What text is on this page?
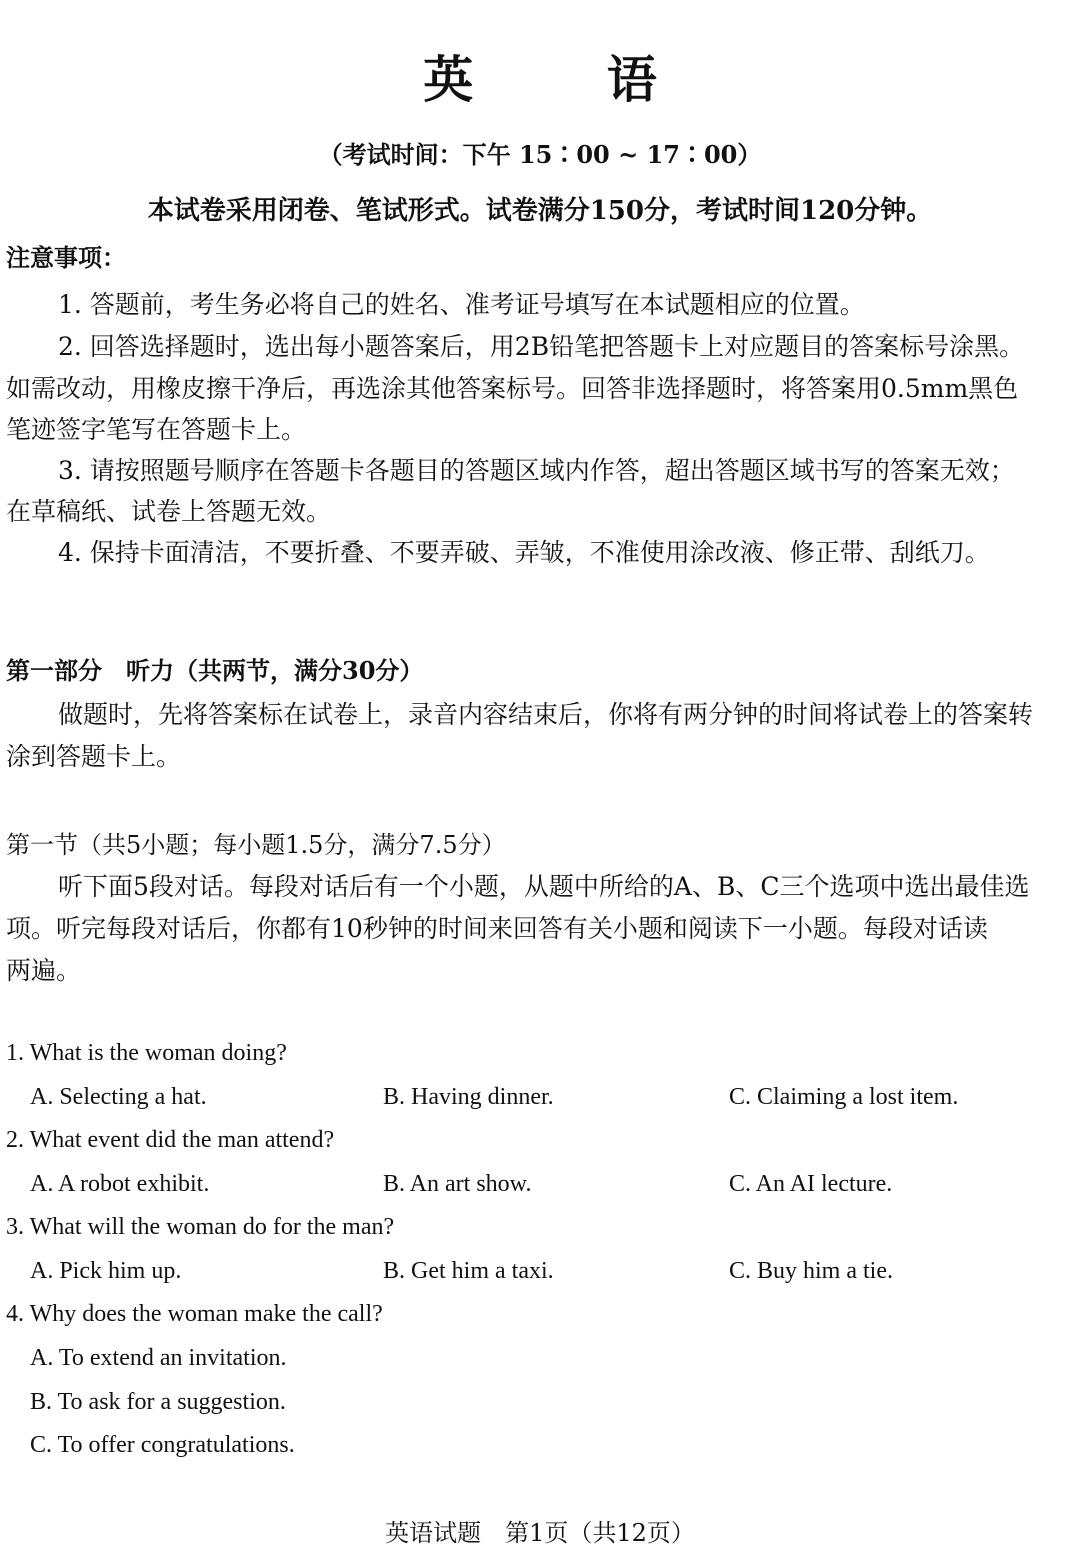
英 语
（考试时间：下午 15∶00 ~ 17∶00）
本试卷采用闭卷、笔试形式。试卷满分150分，考试时间120分钟。
注意事项：
1. 答题前，考生务必将自己的姓名、准考证号填写在本试题相应的位置。
2. 回答选择题时，选出每小题答案后，用2B铅笔把答题卡上对应题目的答案标号涂黑。
如需改动，用橡皮擦干净后，再选涂其他答案标号。回答非选择题时，将答案用0.5mm黑色
笔迹签字笔写在答题卡上。
3. 请按照题号顺序在答题卡各题目的答题区域内作答，超出答题区域书写的答案无效；
在草稿纸、试卷上答题无效。
4. 保持卡面清洁，不要折叠、不要弄破、弄皱，不准使用涂改液、修正带、刮纸刀。
第一部分　听力（共两节，满分30分）
做题时，先将答案标在试卷上，录音内容结束后，你将有两分钟的时间将试卷上的答案转
涂到答题卡上。
第一节（共5小题；每小题1.5分，满分7.5分）
听下面5段对话。每段对话后有一个小题，从题中所给的A、B、C三个选项中选出最佳选
项。听完每段对话后，你都有10秒钟的时间来回答有关小题和阅读下一小题。每段对话读
两遍。
1. What is the woman doing?
A. Selecting a hat.	B. Having dinner.	C. Claiming a lost item.
2. What event did the man attend?
A. A robot exhibit.	B. An art show.	C. An AI lecture.
3. What will the woman do for the man?
A. Pick him up.	B. Get him a taxi.	C. Buy him a tie.
4. Why does the woman make the call?
A. To extend an invitation.
B. To ask for a suggestion.
C. To offer congratulations.
英语试题　第1页（共12页）
